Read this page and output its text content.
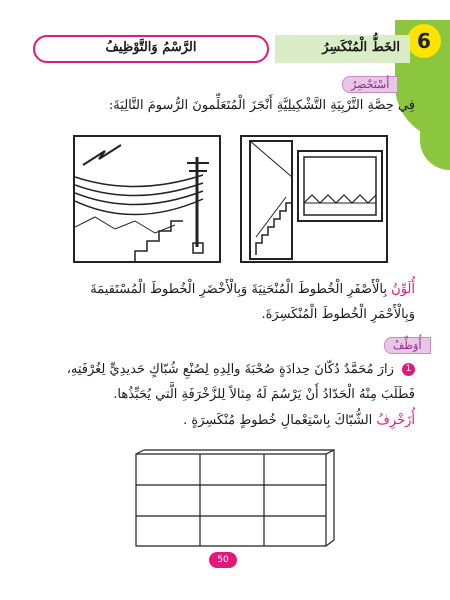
6
الخَطُّ الْمُنْكَسِرُ
الرَّسْمُ وَالتَّوْظِيفُ
أَسْتَحْضِرُ
فِي حِصَّةِ التَّرْبِيَةِ التَّشْكِيلِيَّةِ أَنْجَزَ الْمُتَعَلِّمونَ الرُّسومَ التَّالِيَةَ:
أُلَوِّنُ بِالْأَصْفَرِ الْخُطوطَ الْمُنْحَنِيَةَ وَبِالْأَخْضَرِ الْخُطوطَ الْمُسْتَقيمَةَ
وَبِالْأَحْمَرِ الْخُطوطَ الْمُنْكَسِرَةَ.
أُوَظِّفُ
1 زارَ مُحَمَّدٌ دُكّانَ حِدادَةٍ صُحْبَةَ والِدِهِ لِصُنْعِ شُبّاكٍ حَديدِيٍّ لِغُرْفَتِهِ،
فَطَلَبَ مِنْهُ الْحَدّادُ أَنْ يَرْسُمَ لَهُ مِثالاً لِلزَّخْرَفَةِ الَّتي يُحَبِّذُها.
أُزَخْرِفُ الشُّبّاكَ بِاسْتِعْمالِ خُطوطٍ مُنْكَسِرَةٍ .
50
